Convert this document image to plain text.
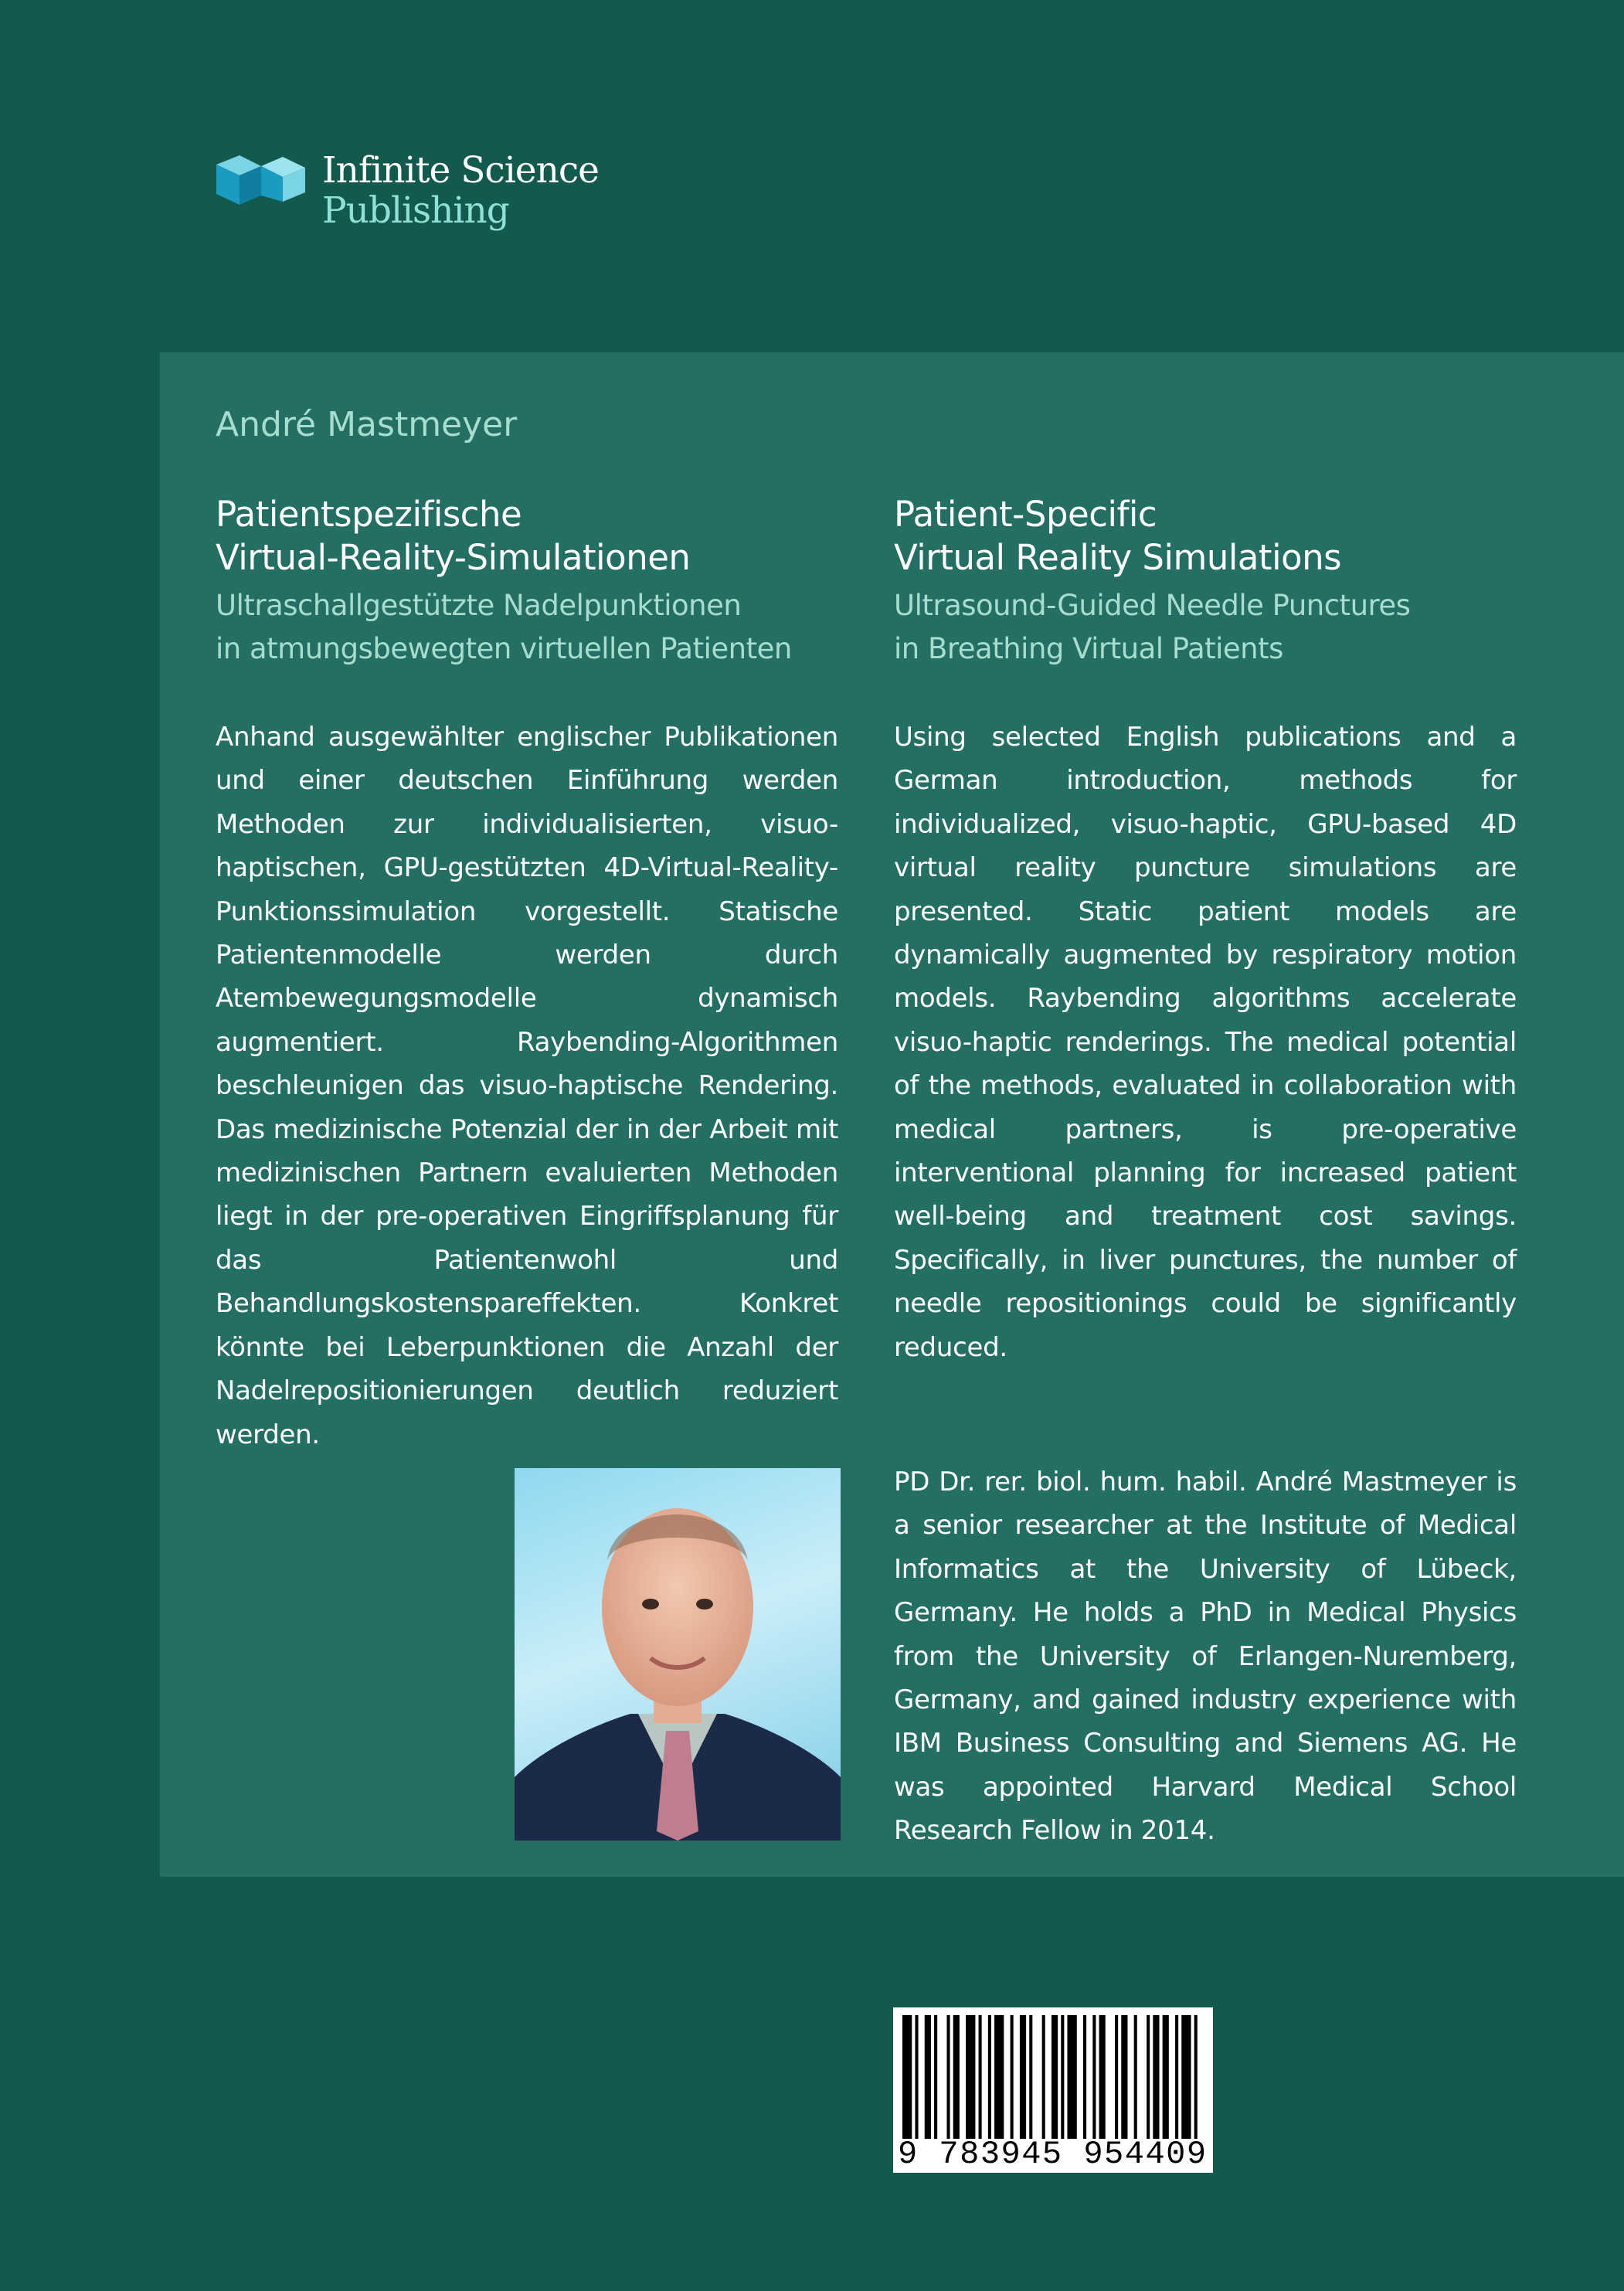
Infinite Science
Publishing
André Mastmeyer
Patientspezifische
Virtual-Reality-Simulationen
Ultraschallgestützte Nadelpunktionen
in atmungsbewegten virtuellen Patienten
Patient-Specific
Virtual Reality Simulations
Ultrasound-Guided Needle Punctures
in Breathing Virtual Patients

Anhand ausgewählter englischer Publikationen und einer deutschen Einführung werden Methoden zur individualisierten, visuo-haptischen, GPU-gestützten 4D-Virtual-Reality-Punktionssimulation vorgestellt. Statische Patientenmodelle werden durch Atembewegungsmodelle dynamisch augmentiert. Raybending-Algorithmen beschleunigen das visuo-haptische Rendering. Das medizinische Potenzial der in der Arbeit mit medizinischen Partnern evaluierten Methoden liegt in der pre-operativen Eingriffsplanung für das Patientenwohl und Behandlungskostenspareffekten. Konkret könnte bei Leberpunktionen die Anzahl der Nadelrepositionierungen deutlich reduziert werden.

Using selected English publications and a German introduction, methods for individualized, visuo-haptic, GPU-based 4D virtual reality puncture simulations are presented. Static patient models are dynamically augmented by respiratory motion models. Raybending algorithms accelerate visuo-haptic renderings. The medical potential of the methods, evaluated in collaboration with medical partners, is pre-operative interventional planning for increased patient well-being and treatment cost savings. Specifically, in liver punctures, the number of needle repositionings could be significantly reduced.

PD Dr. rer. biol. hum. habil. André Mastmeyer is a senior researcher at the Institute of Medical Informatics at the University of Lübeck, Germany. He holds a PhD in Medical Physics from the University of Erlangen-Nuremberg, Germany, and gained industry experience with IBM Business Consulting and Siemens AG. He was appointed Harvard Medical School Research Fellow in 2014.

9 783945 954409
